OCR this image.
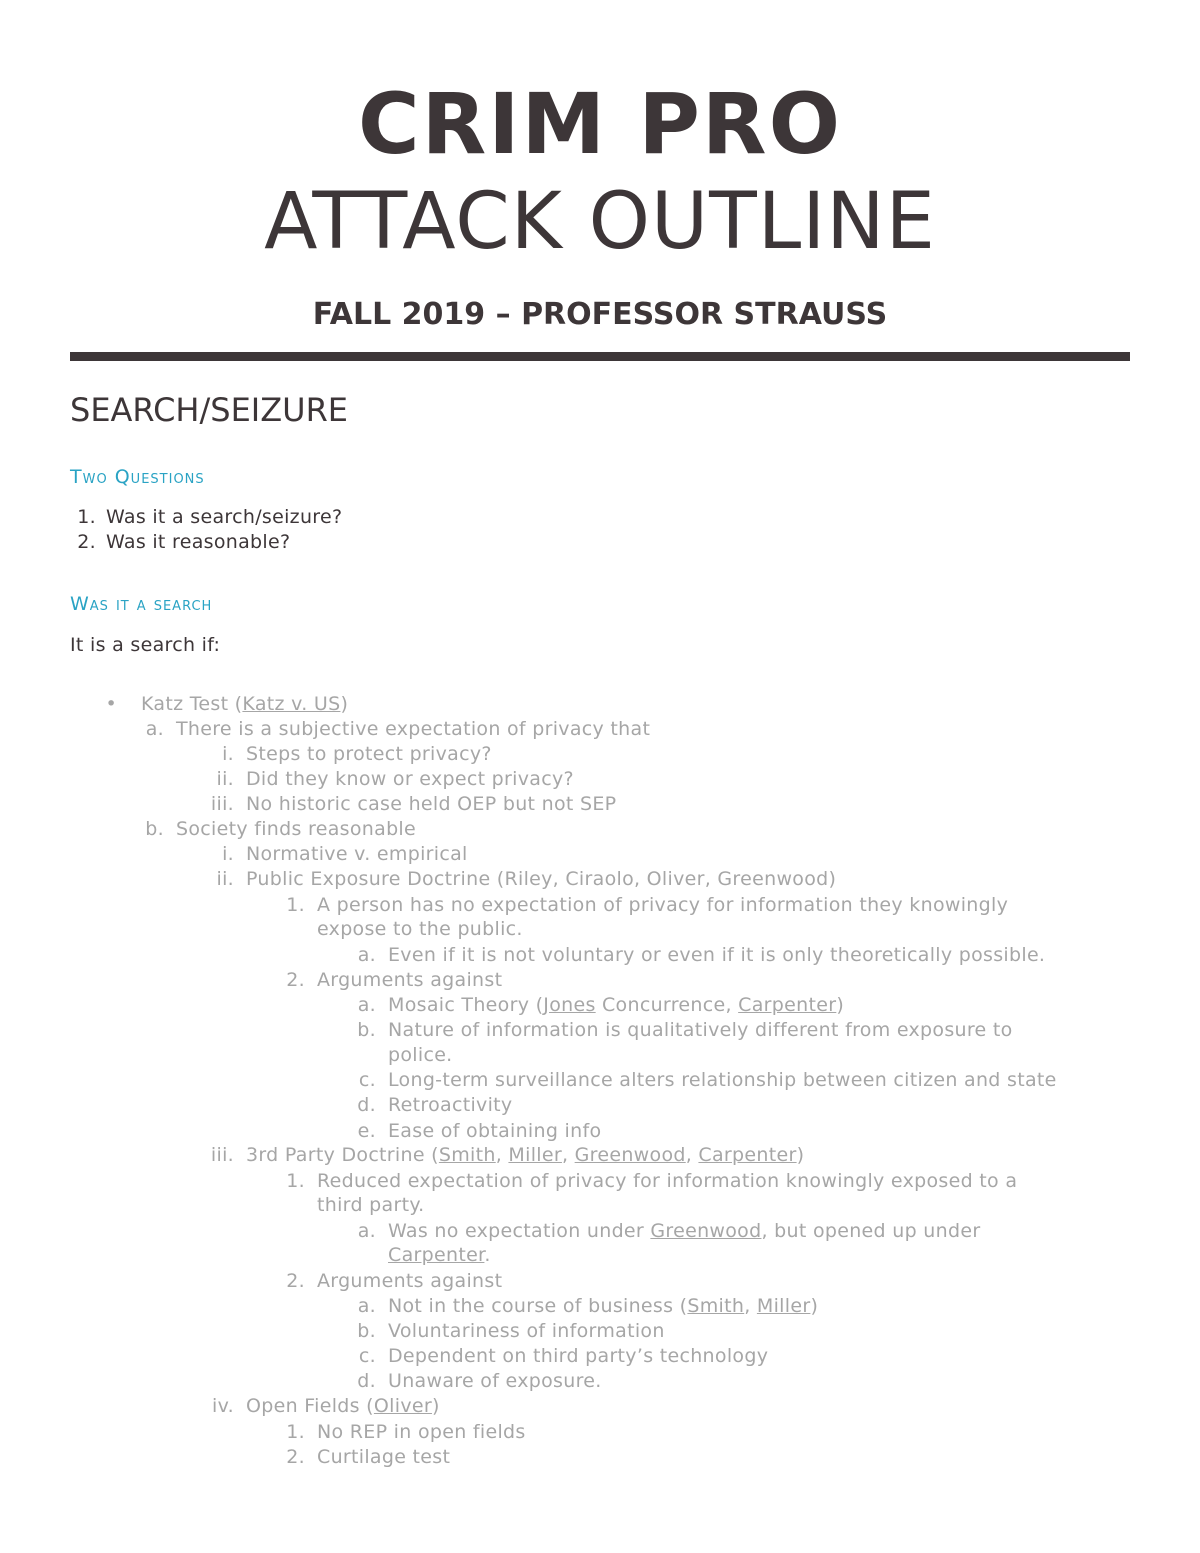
CRIM PRO
ATTACK OUTLINE
FALL 2019 – PROFESSOR STRAUSS
SEARCH/SEIZURE
Two Questions
1. Was it a search/seizure?
2. Was it reasonable?
Was it a search
It is a search if:
• Katz Test (Katz v. US)
a. There is a subjective expectation of privacy that
i. Steps to protect privacy?
ii. Did they know or expect privacy?
iii. No historic case held OEP but not SEP
b. Society finds reasonable
i. Normative v. empirical
ii. Public Exposure Doctrine (Riley, Ciraolo, Oliver, Greenwood)
1. A person has no expectation of privacy for information they knowingly
expose to the public.
a. Even if it is not voluntary or even if it is only theoretically possible.
2. Arguments against
a. Mosaic Theory (Jones Concurrence, Carpenter)
b. Nature of information is qualitatively different from exposure to
police.
c. Long-term surveillance alters relationship between citizen and state
d. Retroactivity
e. Ease of obtaining info
iii. 3rd Party Doctrine (Smith, Miller, Greenwood, Carpenter)
1. Reduced expectation of privacy for information knowingly exposed to a
third party.
a. Was no expectation under Greenwood, but opened up under
Carpenter.
2. Arguments against
a. Not in the course of business (Smith, Miller)
b. Voluntariness of information
c. Dependent on third party’s technology
d. Unaware of exposure.
iv. Open Fields (Oliver)
1. No REP in open fields
2. Curtilage test
